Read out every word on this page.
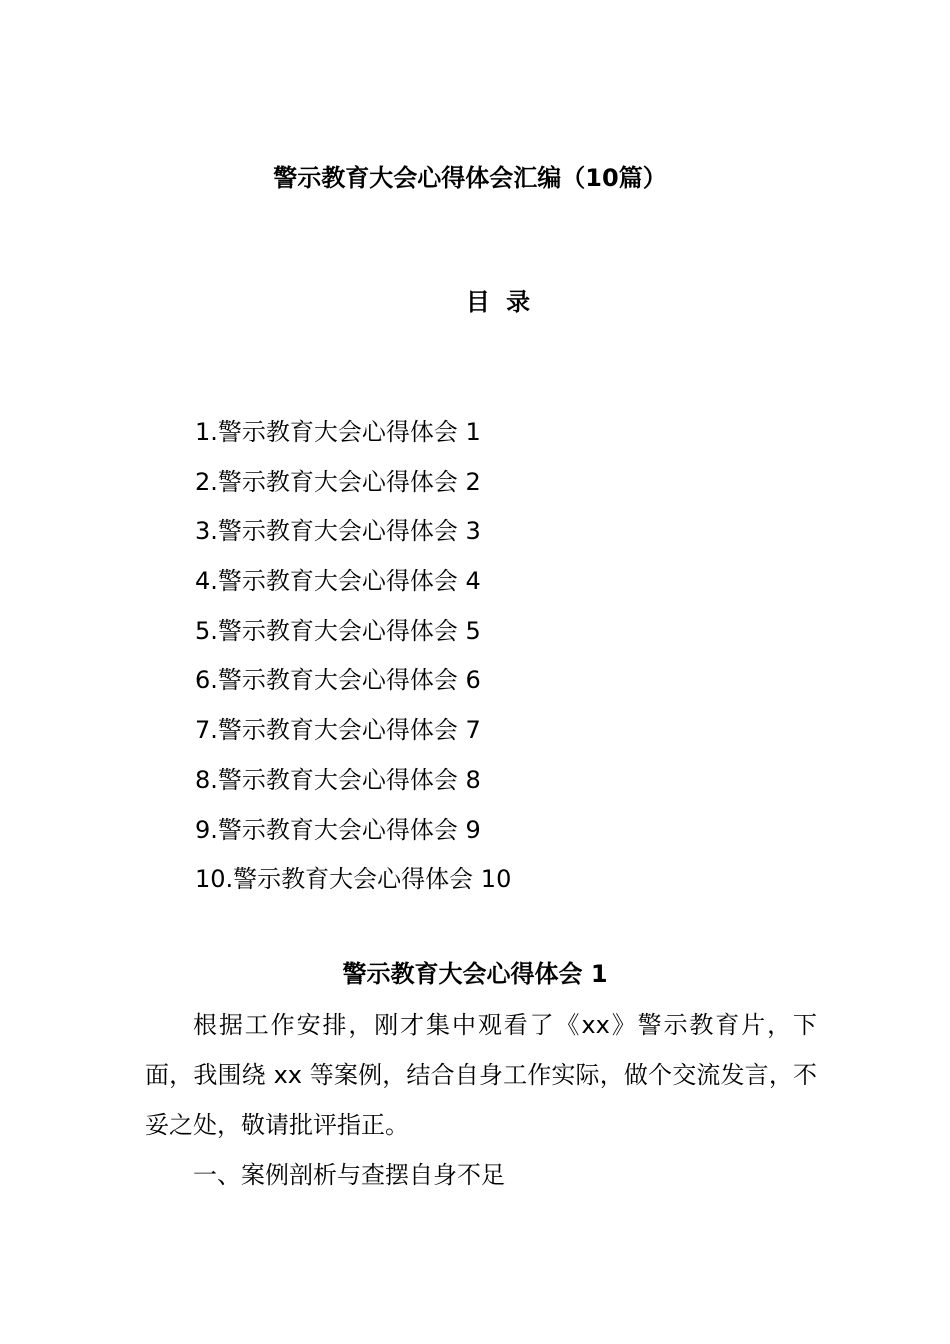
警示教育大会心得体会汇编（10篇）
目 录
1.警示教育大会心得体会 1
2.警示教育大会心得体会 2
3.警示教育大会心得体会 3
4.警示教育大会心得体会 4
5.警示教育大会心得体会 5
6.警示教育大会心得体会 6
7.警示教育大会心得体会 7
8.警示教育大会心得体会 8
9.警示教育大会心得体会 9
10.警示教育大会心得体会 10
警示教育大会心得体会 1

根据工作安排，刚才集中观看了《xx》警示教育片，下面，我围绕 xx 等案例，结合自身工作实际，做个交流发言，不妥之处，敬请批评指正。

一、案例剖析与查摆自身不足
